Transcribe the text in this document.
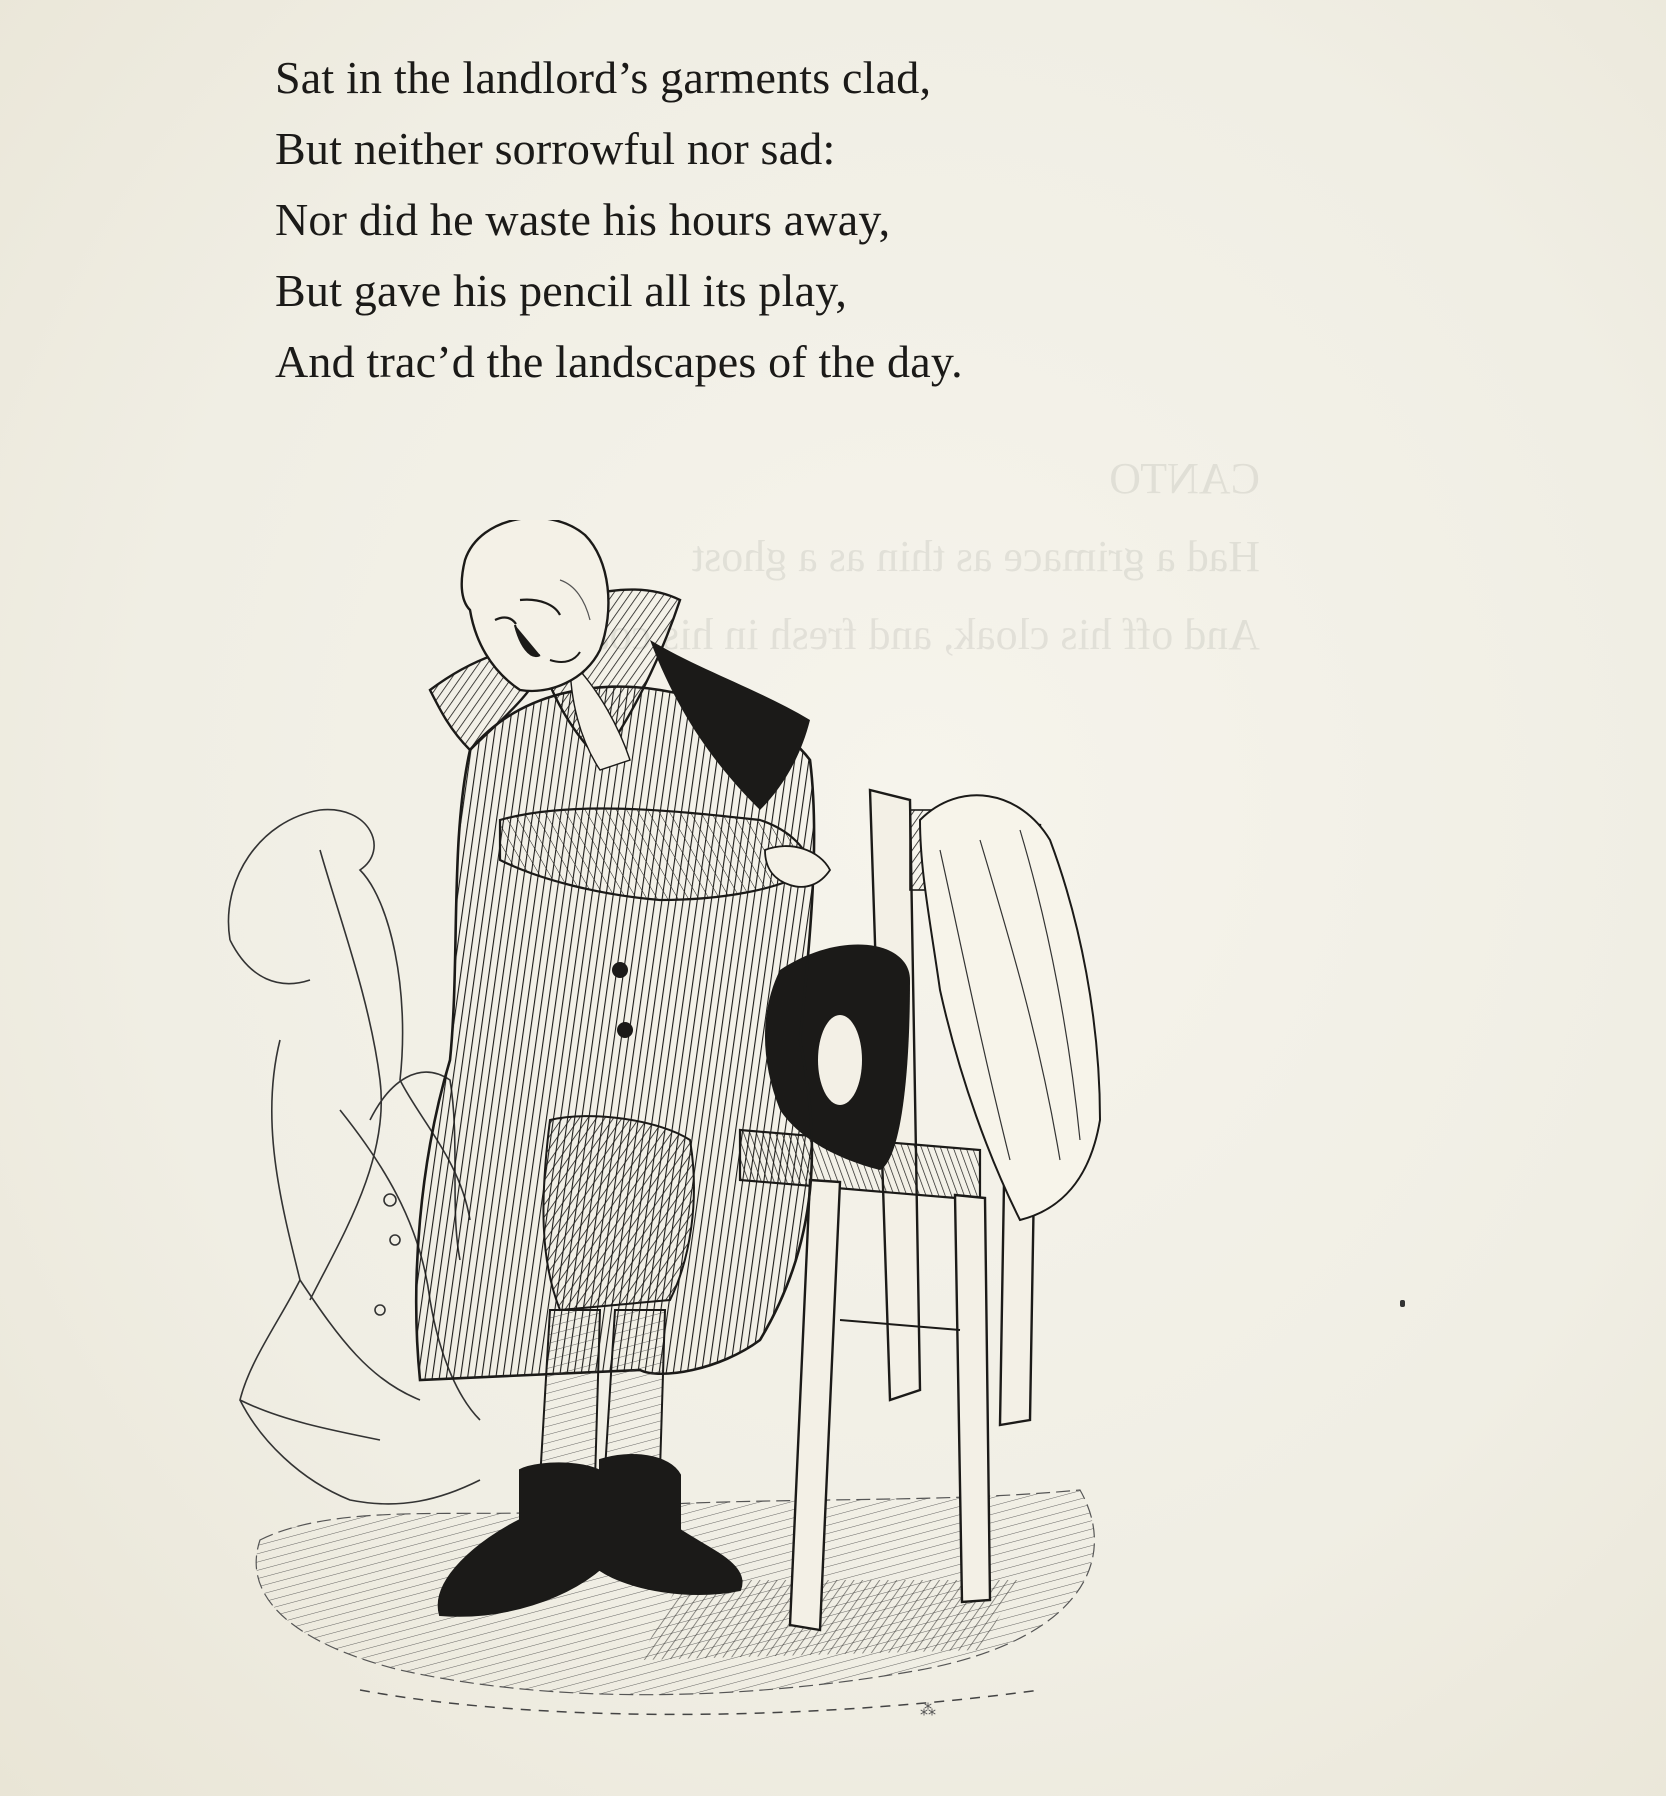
CANTO
Had a grimace as thin as a ghost
And off his cloak, and fresh in his
Sat in the landlord’s garments clad,
But neither sorrowful nor sad:
Nor did he waste his hours away,
But gave his pencil all its play,
And trac’d the landscapes of the day.
⁂
